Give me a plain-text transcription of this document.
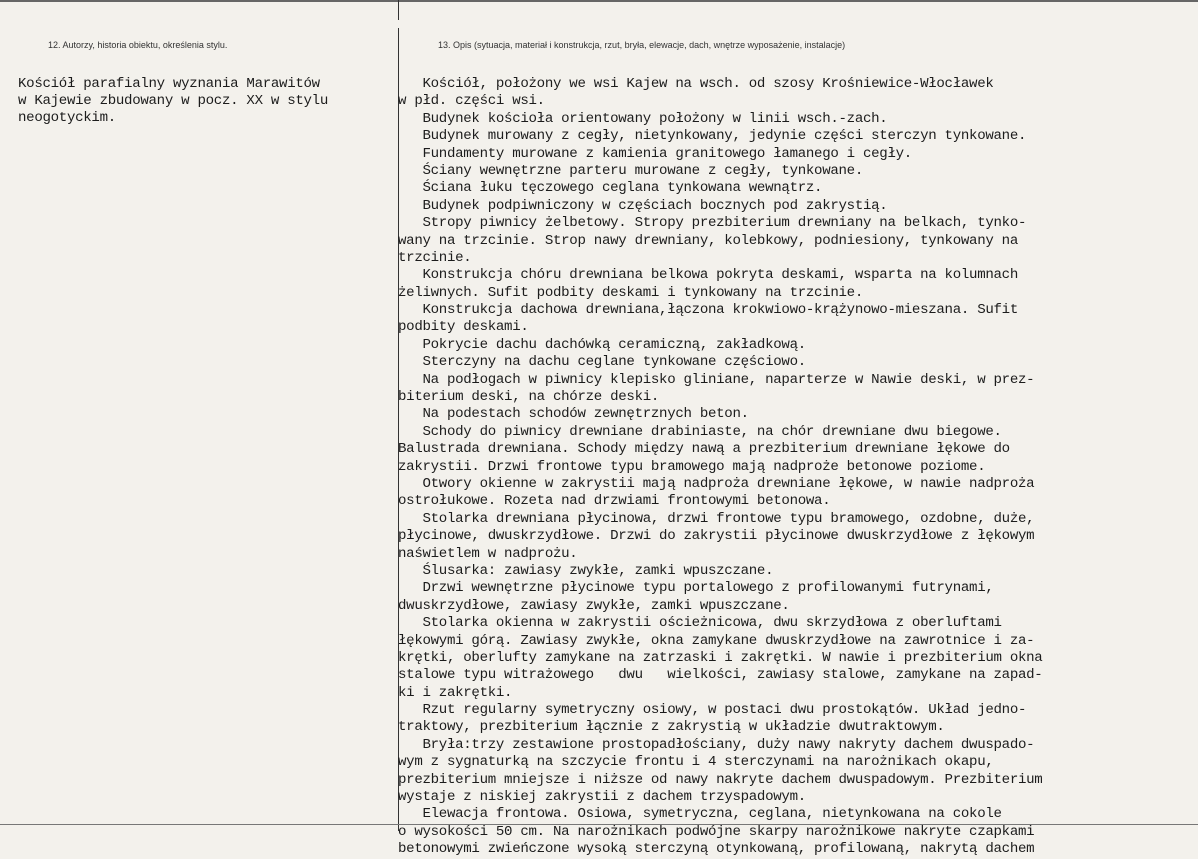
12. Autorzy, historia obiektu, określenia stylu.	13. Opis (sytuacja, materiał i konstrukcja, rzut, bryła, elewacje, dach, wnętrze wyposażenie, instalacje)
Kościół parafialny wyznania Marawitów
w Kajewie zbudowany w pocz. XX w stylu
neogotyckim.
Kościół, położony we wsi Kajew na wsch. od szosy Krośniewice-Włocławek
w płd. części wsi.
Budynek kościoła orientowany położony w linii wsch.-zach.
Budynek murowany z cegły, nietynkowany, jedynie części sterczyn tynkowane.
Fundamenty murowane z kamienia granitowego łamanego i cegły.
Ściany wewnętrzne parteru murowane z cegły, tynkowane.
Ściana łuku tęczowego ceglana tynkowana wewnątrz.
Budynek podpiwniczony w częściach bocznych pod zakrystią.
Stropy piwnicy żelbetowy. Stropy prezbiterium drewniany na belkach, tynko-
wany na trzcinie. Strop nawy drewniany, kolebkowy, podniesiony, tynkowany na
trzcinie.
Konstrukcja chóru drewniana belkowa pokryta deskami, wsparta na kolumnach
żeliwnych. Sufit podbity deskami i tynkowany na trzcinie.
Konstrukcja dachowa drewniana,łączona krokwiowo-krążynowo-mieszana. Sufit
podbity deskami.
Pokrycie dachu dachówką ceramiczną, zakładkową.
Sterczyny na dachu ceglane tynkowane częściowo.
Na podłogach w piwnicy klepisko gliniane, naparterze w Nawie deski, w prez-
biterium deski, na chórze deski.
Na podestach schodów zewnętrznych beton.
Schody do piwnicy drewniane drabiniaste, na chór drewniane dwu biegowe.
Balustrada drewniana. Schody między nawą a prezbiterium drewniane łękowe do
zakrystii. Drzwi frontowe typu bramowego mają nadproże betonowe poziome.
Otwory okienne w zakrystii mają nadproża drewniane łękowe, w nawie nadproża
ostrołukowe. Rozeta nad drzwiami frontowymi betonowa.
Stolarka drewniana płycinowa, drzwi frontowe typu bramowego, ozdobne, duże,
płycinowe, dwuskrzydłowe. Drzwi do zakrystii płycinowe dwuskrzydłowe z łękowym
naświetlem w nadprożu.
Ślusarka: zawiasy zwykłe, zamki wpuszczane.
Drzwi wewnętrzne płycinowe typu portalowego z profilowanymi futrynami,
dwuskrzydłowe, zawiasy zwykłe, zamki wpuszczane.
Stolarka okienna w zakrystii ościeżnicowa, dwu skrzydłowa z oberluftami
łękowymi górą. Zawiasy zwykłe, okna zamykane dwuskrzydłowe na zawrotnice i za-
krętki, oberlufty zamykane na zatrzaski i zakrętki. W nawie i prezbiterium okna
stalowe typu witrażowego   dwu   wielkości, zawiasy stalowe, zamykane na zapad-
ki i zakrętki.
Rzut regularny symetryczny osiowy, w postaci dwu prostokątów. Układ jedno-
traktowy, prezbiterium łącznie z zakrystią w układzie dwutraktowym.
Bryła:trzy zestawione prostopadłościany, duży nawy nakryty dachem dwuspado-
wym z sygnaturką na szczycie frontu i 4 sterczynami na narożnikach okapu,
prezbiterium mniejsze i niższe od nawy nakryte dachem dwuspadowym. Prezbiterium
wystaje z niskiej zakrystii z dachem trzyspadowym.
Elewacja frontowa. Osiowa, symetryczna, ceglana, nietynkowana na cokole
o wysokości 50 cm. Na narożnikach podwójne skarpy narożnikowe nakryte czapkami
betonowymi zwieńczone wysoką sterczyną otynkowaną, profilowaną, nakrytą dachem
